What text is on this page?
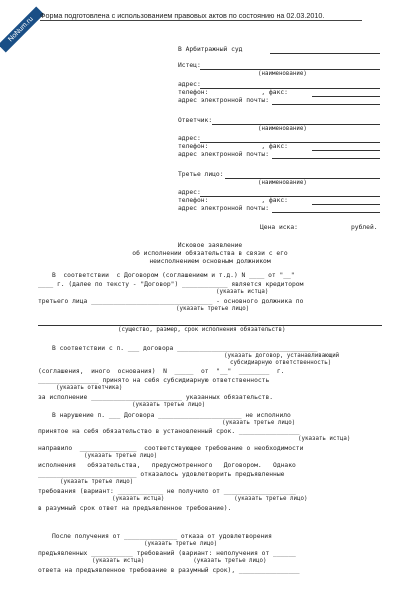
NoNum.ru
Форма подготовлена с использованием правовых актов по состоянию на 02.03.2010.
В Арбитражный суд
Истец:
(наименование)
адрес:
телефон:              , факс:
адрес электронной почты:
Ответчик:
(наименование)
адрес:
телефон:              , факс:
адрес электронной почты:
Третье лицо:
(наименование)
адрес:
телефон:              , факс:
адрес электронной почты:
Цена иска:              рублей.
Исковое заявление
об исполнении обязательства в связи с его
неисполнением основным должником
В  соответствии  с Договором (соглашением и т.д.) N ____ от "__"
____ г. (далее по тексту - "Договор") ____________ является кредитором
(указать истца)
третьего лица ________________________________ - основного должника по
(указать третье лицо)
(существо, размер, срок исполнения обязательств)
В соответствии с п. ___ договора _____________________________________
(указать договор, устанавливающий
субсидиарную ответственность)
(соглашения,  иного  основания)  N  _____  от  "__"  ________  г.
________________ принято на себя субсидиарную ответственность
(указать ответчика)
за исполнение ________________________ указанных обязательств.
(указать третье лицо)
В нарушение п. ___ Договора ______________________ не исполнило
(указать третье лицо)
принятое на себя обязательство в установленный срок. ________________
(указать истца)
направило  _______________  соответствующее требование о необходимости
(указать третье лицо)
исполнения   обязательства,   предусмотренного   Договором.   Однако
__________________________ отказалось удовлетворить предъявленные
(указать третье лицо)
требования (вариант: ____________ не получило от ___________________
(указать истца)                    (указать третье лицо)
в разумный срок ответ на предъявленное требование).
После получения от ______________ отказа от удовлетворения
(указать третье лицо)
предъявленных ___________ требований (вариант: неполучения от ______
(указать истца)              (указать третье лицо)
ответа на предъявленное требование в разумный срок), ________________
